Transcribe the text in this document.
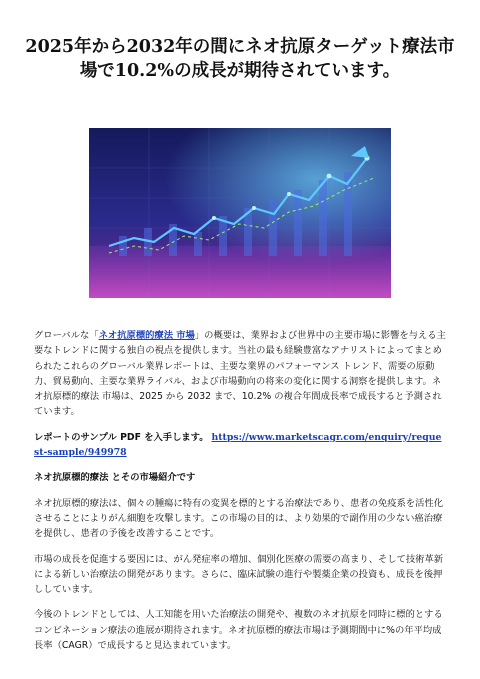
2025年から2032年の間にネオ抗原ターゲット療法市場で10.2%の成長が期待されています。

グローバルな「ネオ抗原標的療法 市場」の概要は、業界および世界中の主要市場に影響を与える主要なトレンドに関する独自の視点を提供します。当社の最も経験豊富なアナリストによってまとめられたこれらのグローバル業界レポートは、主要な業界のパフォーマンス トレンド、需要の原動力、貿易動向、主要な業界ライバル、および市場動向の将来の変化に関する洞察を提供します。ネオ抗原標的療法 市場は、2025 から 2032 まで、10.2% の複合年間成長率で成長すると予測されています。

レポートのサンプル PDF を入手します。 https://www.marketscagr.com/enquiry/request-sample/949978

ネオ抗原標的療法 とその市場紹介です

ネオ抗原標的療法は、個々の腫瘍に特有の変異を標的とする治療法であり、患者の免疫系を活性化させることによりがん細胞を攻撃します。この市場の目的は、より効果的で副作用の少ない癌治療を提供し、患者の予後を改善することです。

市場の成長を促進する要因には、がん発症率の増加、個別化医療の需要の高まり、そして技術革新による新しい治療法の開発があります。さらに、臨床試験の進行や製薬企業の投資も、成長を後押ししています。

今後のトレンドとしては、人工知能を用いた治療法の開発や、複数のネオ抗原を同時に標的とするコンビネーション療法の進展が期待されます。ネオ抗原標的療法市場は予測期間中に%の年平均成長率（CAGR）で成長すると見込まれています。
